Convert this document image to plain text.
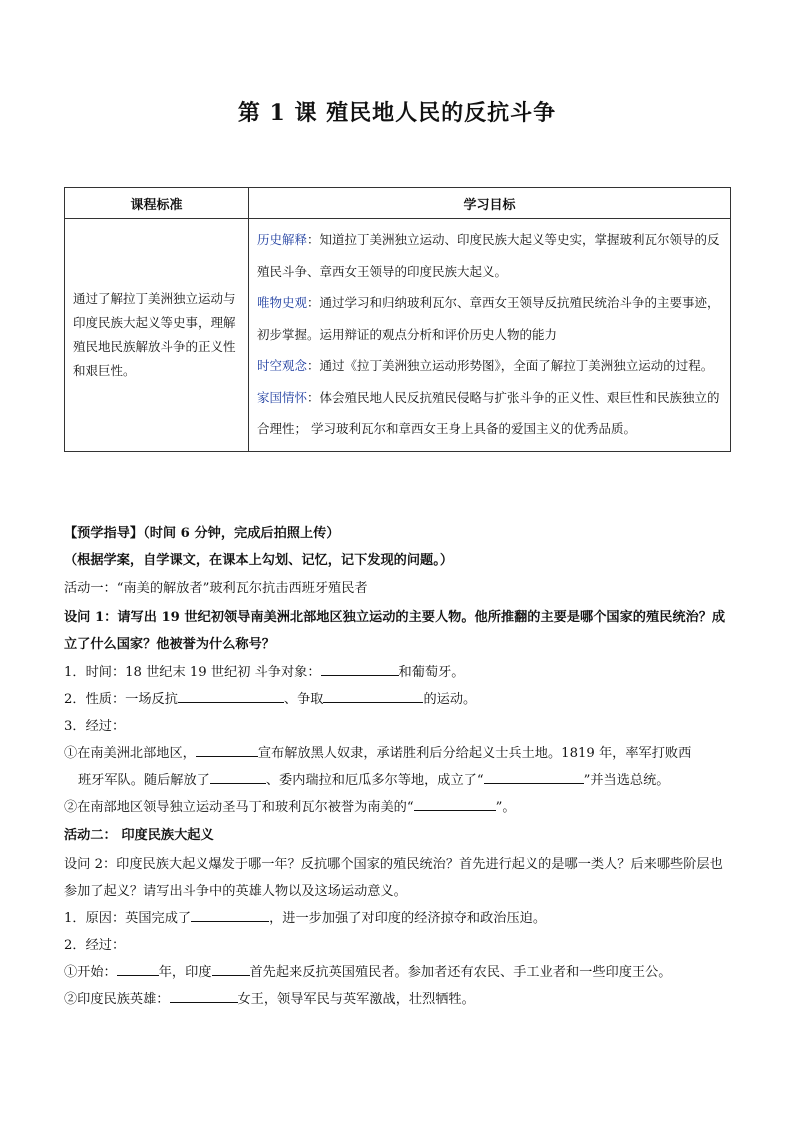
第 1 课 殖民地人民的反抗斗争
课程标准	学习目标
通过了解拉丁美洲独立运动与印度民族大起义等史事，理解殖民地民族解放斗争的正义性和艰巨性。	历史解释：知道拉丁美洲独立运动、印度民族大起义等史实，掌握玻利瓦尔领导的反殖民斗争、章西女王领导的印度民族大起义。
唯物史观：通过学习和归纳玻利瓦尔、章西女王领导反抗殖民统治斗争的主要事迹，初步掌握。运用辩证的观点分析和评价历史人物的能力
时空观念：通过《拉丁美洲独立运动形势图》，全面了解拉丁美洲独立运动的过程。
家国情怀：体会殖民地人民反抗殖民侵略与扩张斗争的正义性、艰巨性和民族独立的合理性； 学习玻利瓦尔和章西女王身上具备的爱国主义的优秀品质。
【预学指导】（时间 6 分钟，完成后拍照上传）
（根据学案，自学课文，在课本上勾划、记忆，记下发现的问题。）
活动一：“南美的解放者”玻利瓦尔抗击西班牙殖民者
设问 1：请写出 19 世纪初领导南美洲北部地区独立运动的主要人物。他所推翻的主要是哪个国家的殖民统治？成立了什么国家？他被誉为什么称号？
1．时间：18 世纪末 19 世纪初 斗争对象：	和葡萄牙。
2．性质：一场反抗	、争取	的运动。
3．经过：
①在南美洲北部地区，	宣布解放黑人奴隶，承诺胜利后分给起义士兵土地。1819 年，率军打败西
班牙军队。随后解放了	、委内瑞拉和厄瓜多尔等地，成立了“	”并当选总统。
②在南部地区领导独立运动圣马丁和玻利瓦尔被誉为南美的“	”。
活动二： 印度民族大起义
设问 2：印度民族大起义爆发于哪一年？反抗哪个国家的殖民统治？首先进行起义的是哪一类人？后来哪些阶层也参加了起义？请写出斗争中的英雄人物以及这场运动意义。
1．原因：英国完成了	，进一步加强了对印度的经济掠夺和政治压迫。
2．经过：
①开始：	年，印度	首先起来反抗英国殖民者。参加者还有农民、手工业者和一些印度王公。
②印度民族英雄：	女王，领导军民与英军激战，壮烈牺牲。
